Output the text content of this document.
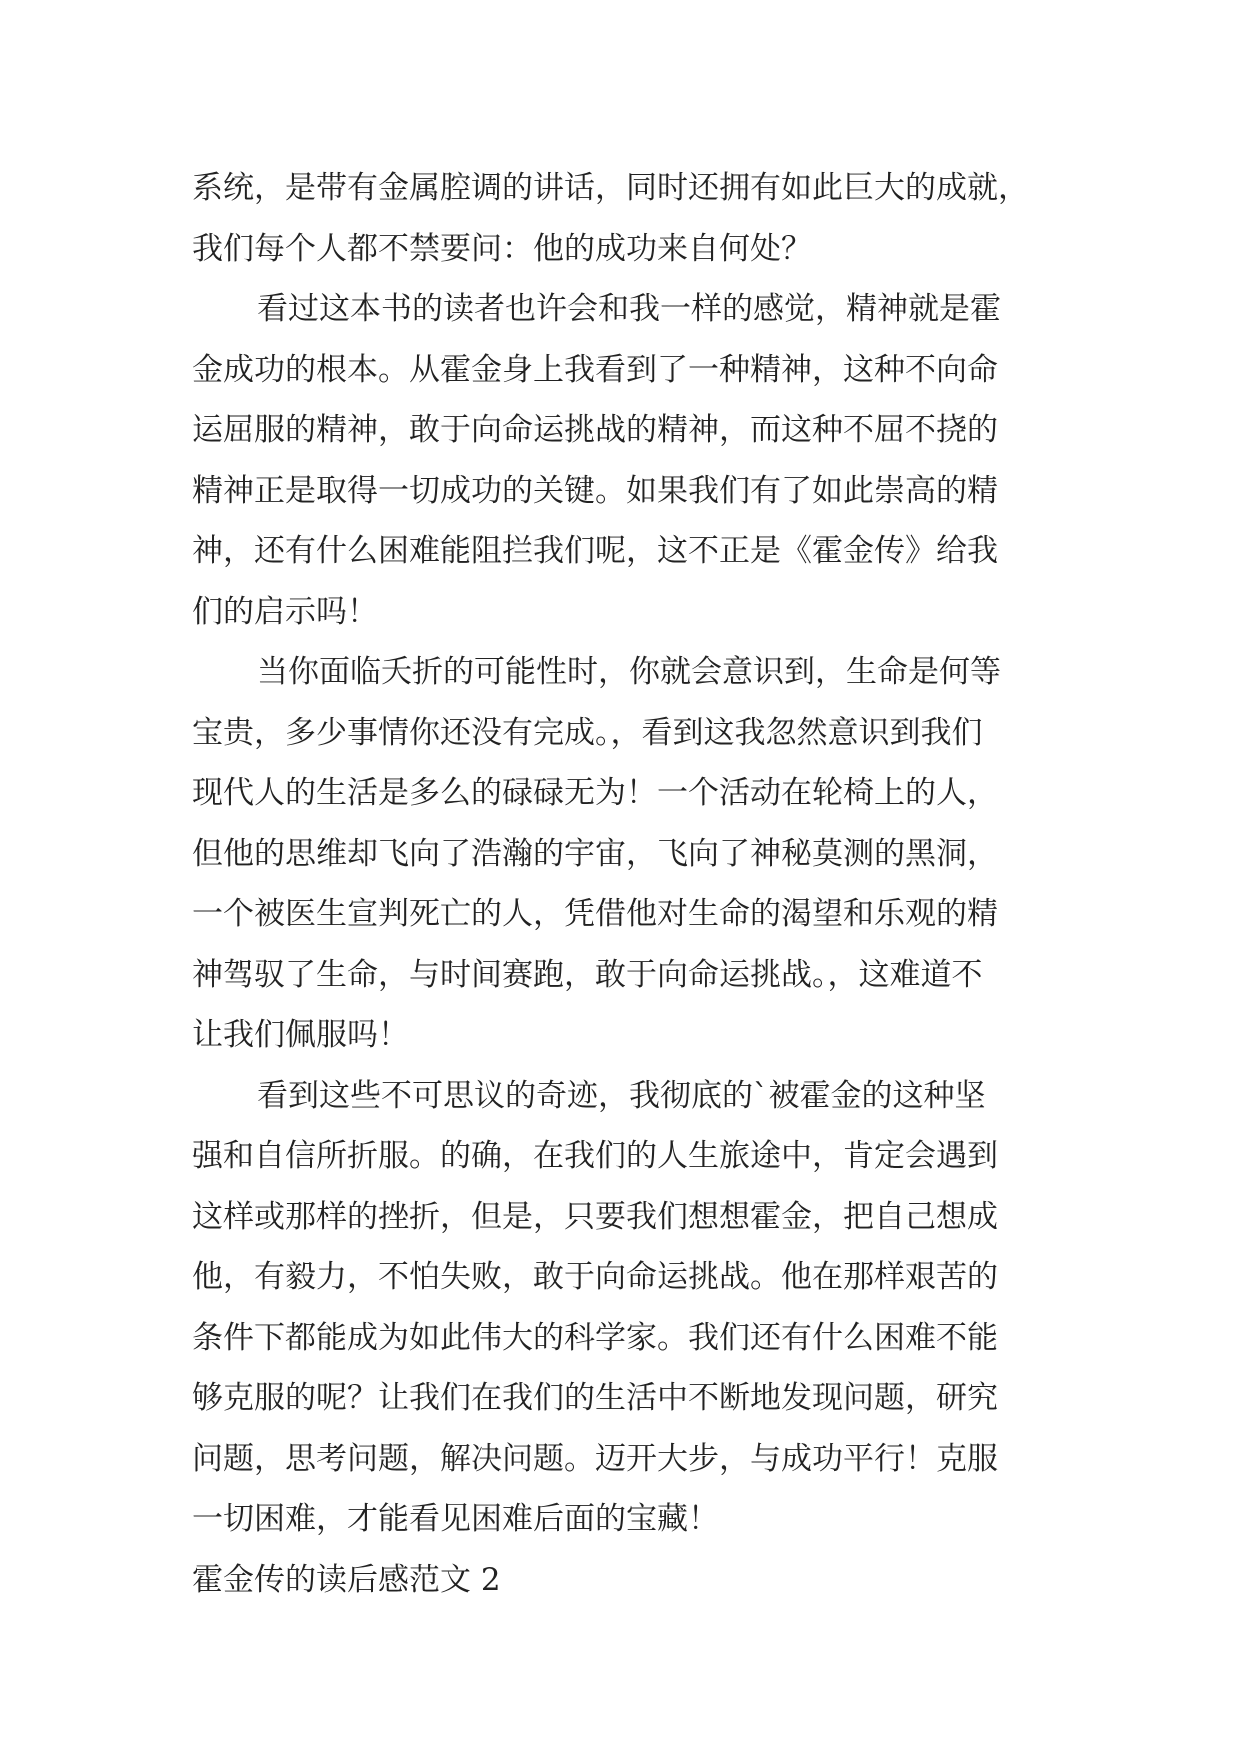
系统，是带有金属腔调的讲话，同时还拥有如此巨大的成就，
我们每个人都不禁要问：他的成功来自何处？
看过这本书的读者也许会和我一样的感觉，精神就是霍
金成功的根本。从霍金身上我看到了一种精神，这种不向命
运屈服的精神，敢于向命运挑战的精神，而这种不屈不挠的
精神正是取得一切成功的关键。如果我们有了如此崇高的精
神，还有什么困难能阻拦我们呢，这不正是《霍金传》给我
们的启示吗！
当你面临夭折的可能性时，你就会意识到，生命是何等
宝贵，多少事情你还没有完成。，看到这我忽然意识到我们
现代人的生活是多么的碌碌无为！一个活动在轮椅上的人，
但他的思维却飞向了浩瀚的宇宙，飞向了神秘莫测的黑洞，
一个被医生宣判死亡的人，凭借他对生命的渴望和乐观的精
神驾驭了生命，与时间赛跑，敢于向命运挑战。，这难道不
让我们佩服吗！
看到这些不可思议的奇迹，我彻底的`被霍金的这种坚
强和自信所折服。的确，在我们的人生旅途中，肯定会遇到
这样或那样的挫折，但是，只要我们想想霍金，把自己想成
他，有毅力，不怕失败，敢于向命运挑战。他在那样艰苦的
条件下都能成为如此伟大的科学家。我们还有什么困难不能
够克服的呢？让我们在我们的生活中不断地发现问题，研究
问题，思考问题，解决问题。迈开大步，与成功平行！克服
一切困难，才能看见困难后面的宝藏！
霍金传的读后感范文 2
